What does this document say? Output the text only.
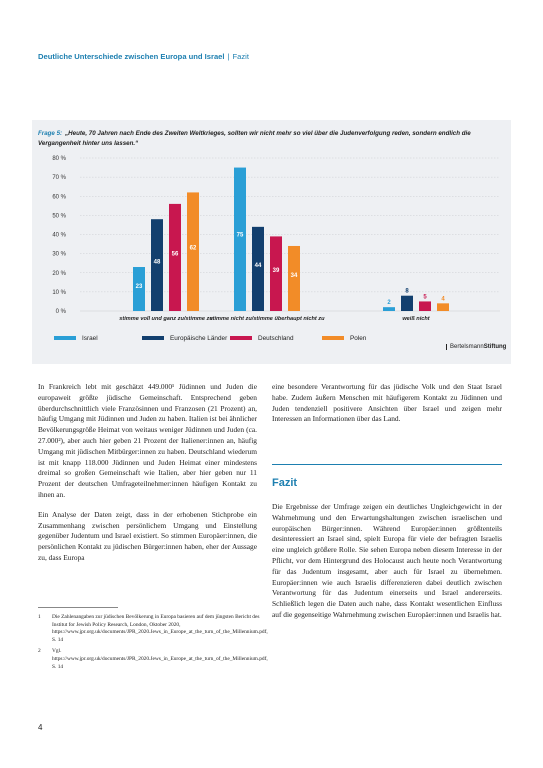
Deutliche Unterschiede zwischen Europa und Israel | Fazit
Frage 5: „Heute, 70 Jahren nach Ende des Zweiten Weltkrieges, sollten wir nicht mehr so viel über die Judenverfolgung reden, sondern endlich die Vergangenheit hinter uns lassen.“
0 %
10 %
20 %
30 %
40 %
50 %
60 %
70 %
80 %
23
48
56
62
stimme voll und ganz zu/stimme zu
75
44
39
34
stimme nicht zu/stimme überhaupt nicht zu
2
8
5 4
weiß nicht
Israel	Europäische Länder	Deutschland	Polen
BertelsmannStiftung

In Frankreich lebt mit geschätzt 449.000¹ Jüdinnen und Juden die europaweit größte jüdische Gemeinschaft. Entsprechend geben überdurchschnittlich viele Französinnen und Franzosen (21 Prozent) an, häufig Umgang mit Jüdinnen und Juden zu haben. Italien ist bei ähnlicher Bevölkerungsgröße Heimat von weitaus weniger Jüdinnen und Juden (ca. 27.000²), aber auch hier geben 21 Prozent der Italiener:innen an, häufig Umgang mit jüdischen Mitbürger:innen zu haben. Deutschland wiederum ist mit knapp 118.000 Jüdinnen und Juden Heimat einer mindestens dreimal so großen Gemeinschaft wie Italien, aber hier geben nur 11 Prozent der deutschen Umfrageteilnehmer:innen häufigen Kontakt zu ihnen an.

Ein Analyse der Daten zeigt, dass in der erhobenen Stichprobe ein Zusammenhang zwischen persönlichem Umgang und Einstellung gegenüber Judentum und Israel existiert. So stimmen Europäer:innen, die persönlichen Kontakt zu jüdischen Bürger:innen haben, eher der Aussage zu, dass Europa

1	Die Zahlenangaben zur jüdischen Bevölkerung in Europa basieren auf dem jüngsten Bericht des Institut for Jewish Policy Research, London, Oktober 2020, https://www.jpr.org.uk/documents/JPR_2020.Jews_in_Europe_at_the_turn_of_the_Millennium.pdf, S. 14
2	Vgl. https://www.jpr.org.uk/documents/JPR_2020.Jews_in_Europe_at_the_turn_of_the_Millennium.pdf, S. 14

eine besondere Verantwortung für das jüdische Volk und den Staat Israel habe. Zudem äußern Menschen mit häufigerem Kontakt zu Jüdinnen und Juden tendenziell positivere Ansichten über Israel und zeigen mehr Interessen an Informationen über das Land.

Fazit

Die Ergebnisse der Umfrage zeigen ein deutliches Ungleichgewicht in der Wahrnehmung und den Erwartungshaltungen zwischen israelischen und europäischen Bürger:innen. Während Europäer:innen größtenteils desinteressiert an Israel sind, spielt Europa für viele der befragten Israelis eine ungleich größere Rolle. Sie sehen Europa neben diesem Interesse in der Pflicht, vor dem Hintergrund des Holocaust auch heute noch Verantwortung für das Judentum insgesamt, aber auch für Israel zu übernehmen. Europäer:innen wie auch Israelis differenzieren dabei deutlich zwischen Verantwortung für das Judentum einerseits und Israel andererseits. Schließlich legen die Daten auch nahe, dass Kontakt wesentlichen Einfluss auf die gegenseitige Wahrnehmung zwischen Europäer:innen und Israelis hat.

4
